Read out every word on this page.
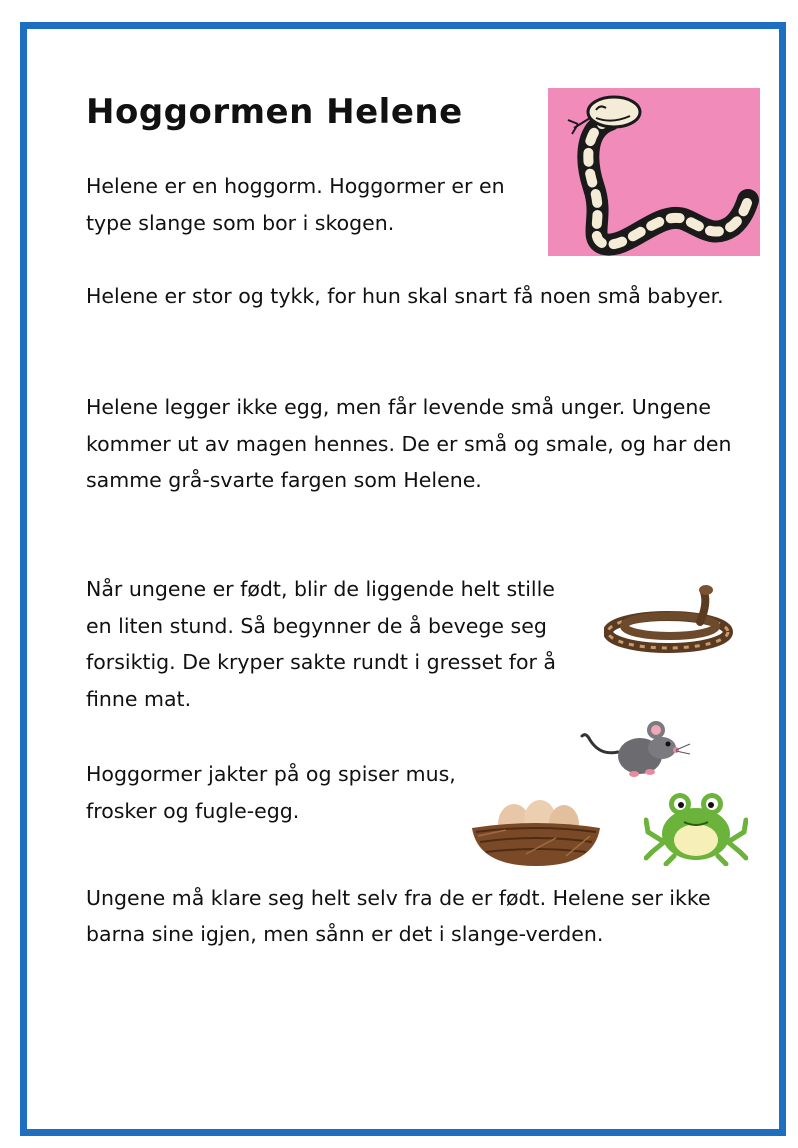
Hoggormen Helene

Helene er en hoggorm. Hoggormer er en type slange som bor i skogen.

Helene er stor og tykk, for hun skal snart få noen små babyer.

Helene legger ikke egg, men får levende små unger. Ungene kommer ut av magen hennes. De er små og smale, og har den samme grå-svarte fargen som Helene.

Når ungene er født, blir de liggende helt stille en liten stund. Så begynner de å bevege seg forsiktig. De kryper sakte rundt i gresset for å finne mat.

Hoggormer jakter på og spiser mus, frosker og fugle-egg.

Ungene må klare seg helt selv fra de er født. Helene ser ikke barna sine igjen, men sånn er det i slange-verden.
